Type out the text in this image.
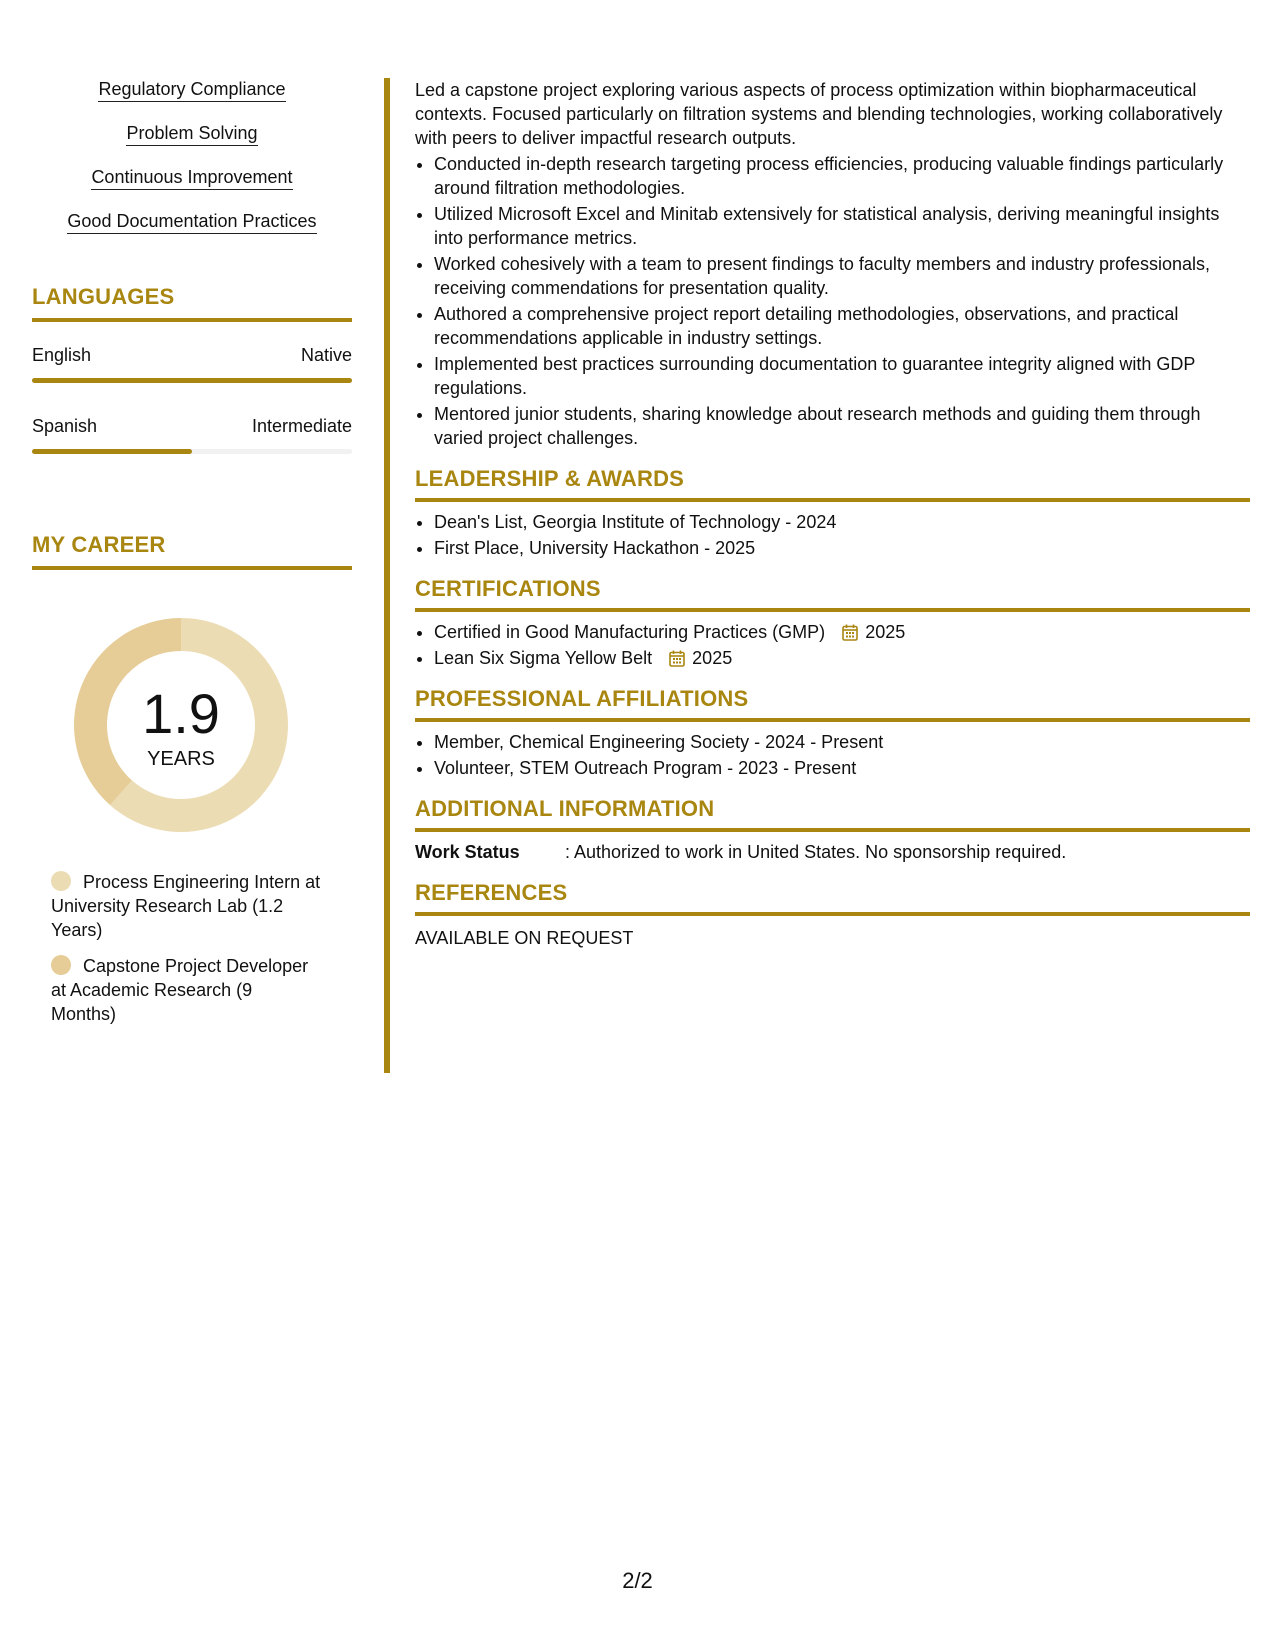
Regulatory Compliance
Problem Solving
Continuous Improvement
Good Documentation Practices
LANGUAGES
English	Native
Spanish	Intermediate
MY CAREER
1.9
YEARS
Process Engineering Intern at University Research Lab (1.2 Years)
Capstone Project Developer at Academic Research (9 Months)

Led a capstone project exploring various aspects of process optimization within biopharmaceutical contexts. Focused particularly on filtration systems and blending technologies, working collaboratively with peers to deliver impactful research outputs.

• Conducted in-depth research targeting process efficiencies, producing valuable findings particularly around filtration methodologies.
• Utilized Microsoft Excel and Minitab extensively for statistical analysis, deriving meaningful insights into performance metrics.
• Worked cohesively with a team to present findings to faculty members and industry professionals, receiving commendations for presentation quality.
• Authored a comprehensive project report detailing methodologies, observations, and practical recommendations applicable in industry settings.
• Implemented best practices surrounding documentation to guarantee integrity aligned with GDP regulations.
• Mentored junior students, sharing knowledge about research methods and guiding them through varied project challenges.
LEADERSHIP & AWARDS
• Dean's List, Georgia Institute of Technology - 2024
• First Place, University Hackathon - 2025
CERTIFICATIONS
• Certified in Good Manufacturing Practices (GMP) 2025
• Lean Six Sigma Yellow Belt 2025
PROFESSIONAL AFFILIATIONS
• Member, Chemical Engineering Society - 2024 - Present
• Volunteer, STEM Outreach Program - 2023 - Present
ADDITIONAL INFORMATION
Work Status	: Authorized to work in United States. No sponsorship required.
REFERENCES
AVAILABLE ON REQUEST
2/2
